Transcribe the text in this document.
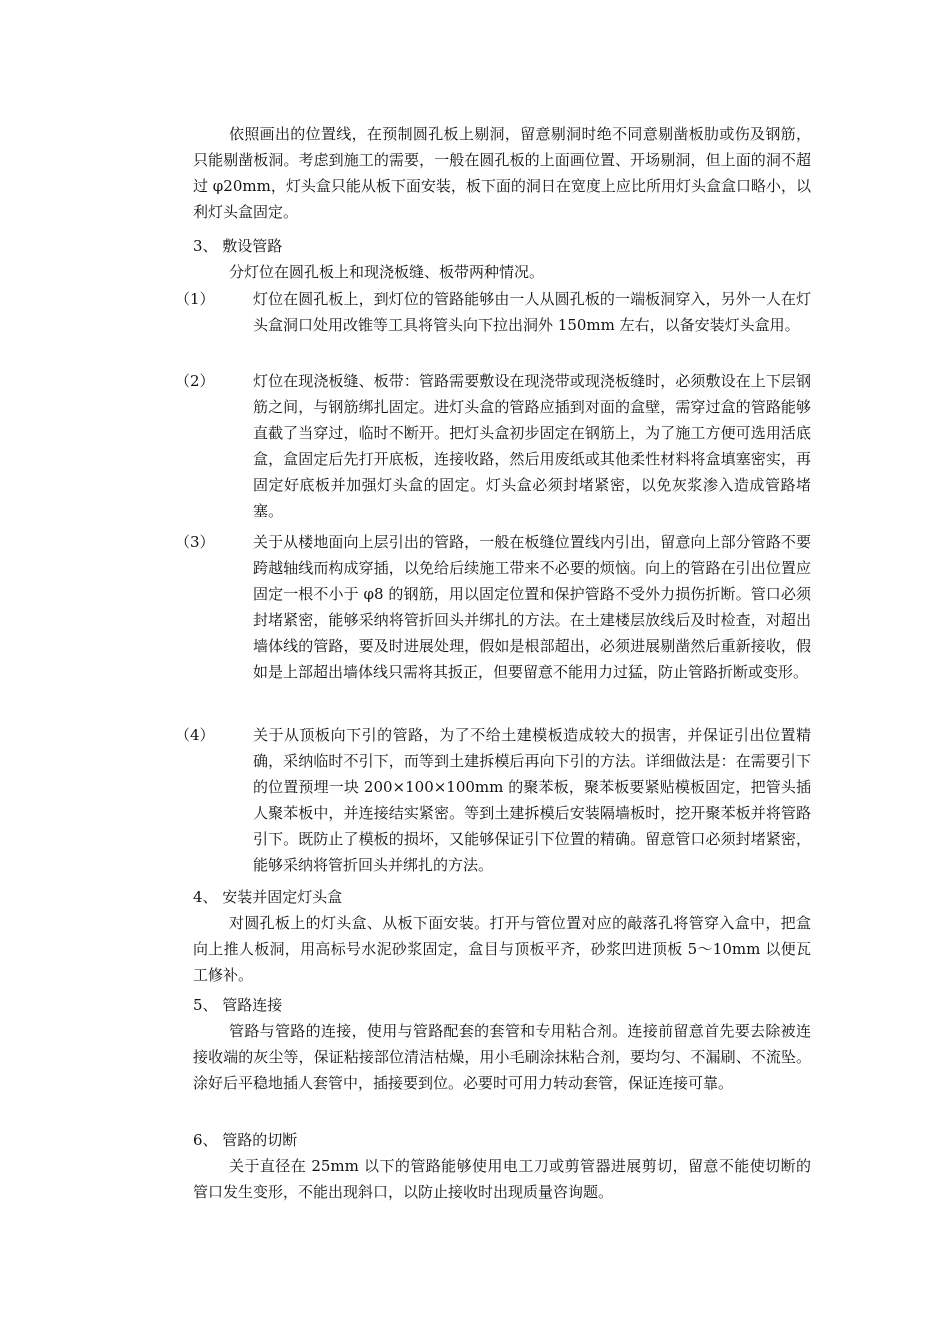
依照画出的位置线，在预制圆孔板上剔洞，留意剔洞时绝不同意剔凿板肋或伤及钢筋，只能剔凿板洞。考虑到施工的需要，一般在圆孔板的上面画位置、开场剔洞，但上面的洞不超过 φ20mm，灯头盒只能从板下面安装，板下面的洞日在宽度上应比所用灯头盒盒口略小，以利灯头盒固定。
3、 敷设管路
分灯位在圆孔板上和现浇板缝、板带两种情况。
（1）	灯位在圆孔板上，到灯位的管路能够由一人从圆孔板的一端板洞穿入，另外一人在灯头盒洞口处用改锥等工具将管头向下拉出洞外 150mm 左右，以备安装灯头盒用。
（2）	灯位在现浇板缝、板带：管路需要敷设在现浇带或现浇板缝时，必须敷设在上下层钢筋之间，与钢筋绑扎固定。进灯头盒的管路应插到对面的盒壁，需穿过盒的管路能够直截了当穿过，临时不断开。把灯头盒初步固定在钢筋上，为了施工方便可选用活底盒，盒固定后先打开底板，连接收路，然后用废纸或其他柔性材料将盒填塞密实，再固定好底板并加强灯头盒的固定。灯头盒必须封堵紧密，以免灰浆渗入造成管路堵塞。
（3）	关于从楼地面向上层引出的管路，一般在板缝位置线内引出，留意向上部分管路不要跨越轴线而构成穿插，以免给后续施工带来不必要的烦恼。向上的管路在引出位置应固定一根不小于 φ8 的钢筋，用以固定位置和保护管路不受外力损伤折断。管口必须封堵紧密，能够采纳将管折回头并绑扎的方法。在土建楼层放线后及时检查，对超出墙体线的管路，要及时进展处理，假如是根部超出，必须进展剔凿然后重新接收，假如是上部超出墙体线只需将其扳正，但要留意不能用力过猛，防止管路折断或变形。
（4）	关于从顶板向下引的管路，为了不给土建模板造成较大的损害，并保证引出位置精确，采纳临时不引下，而等到土建拆模后再向下引的方法。详细做法是：在需要引下的位置预埋一块 200×100×100mm 的聚苯板，聚苯板要紧贴模板固定，把管头插人聚苯板中，并连接结实紧密。等到土建拆模后安装隔墙板时，挖开聚苯板并将管路引下。既防止了模板的损坏，又能够保证引下位置的精确。留意管口必须封堵紧密，能够采纳将管折回头并绑扎的方法。
4、 安装并固定灯头盒
对圆孔板上的灯头盒、从板下面安装。打开与管位置对应的敲落孔将管穿入盒中，把盒向上推人板洞，用高标号水泥砂浆固定，盒目与顶板平齐，砂浆凹进顶板 5～10mm 以便瓦工修补。
5、 管路连接
管路与管路的连接，使用与管路配套的套管和专用粘合剂。连接前留意首先要去除被连接收端的灰尘等，保证粘接部位清洁枯燥，用小毛刷涂抹粘合剂，要均匀、不漏刷、不流坠。涂好后平稳地插人套管中，插接要到位。必要时可用力转动套管，保证连接可靠。
6、 管路的切断
关于直径在 25mm 以下的管路能够使用电工刀或剪管器进展剪切，留意不能使切断的管口发生变形，不能出现斜口，以防止接收时出现质量咨询题。
